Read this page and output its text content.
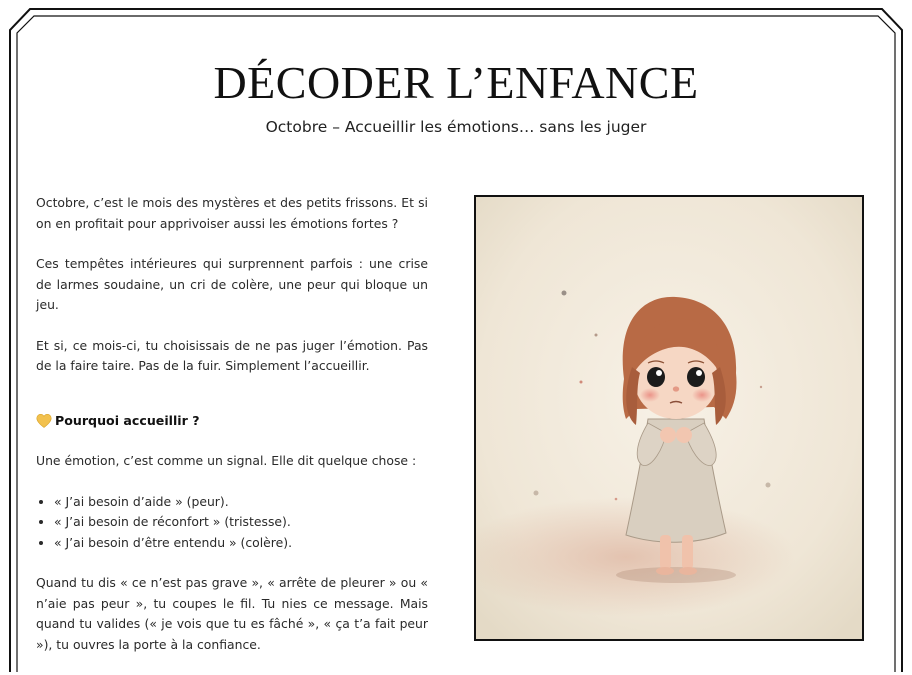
DÉCODER L’ENFANCE
Octobre – Accueillir les émotions… sans les juger

Octobre, c’est le mois des mystères et des petits frissons. Et si on en profitait pour apprivoiser aussi les émotions fortes ?

Ces tempêtes intérieures qui surprennent parfois : une crise de larmes soudaine, un cri de colère, une peur qui bloque un jeu.

Et si, ce mois-ci, tu choisissais de ne pas juger l’émotion. Pas de la faire taire. Pas de la fuir. Simplement l’accueillir.

Pourquoi accueillir ?

Une émotion, c’est comme un signal. Elle dit quelque chose :

• « J’ai besoin d’aide » (peur).
• « J’ai besoin de réconfort » (tristesse).
• « J’ai besoin d’être entendu » (colère).

Quand tu dis « ce n’est pas grave », « arrête de pleurer » ou « n’aie pas peur », tu coupes le fil. Tu nies ce message. Mais quand tu valides (« je vois que tu es fâché », « ça t’a fait peur »), tu ouvres la porte à la confiance.
